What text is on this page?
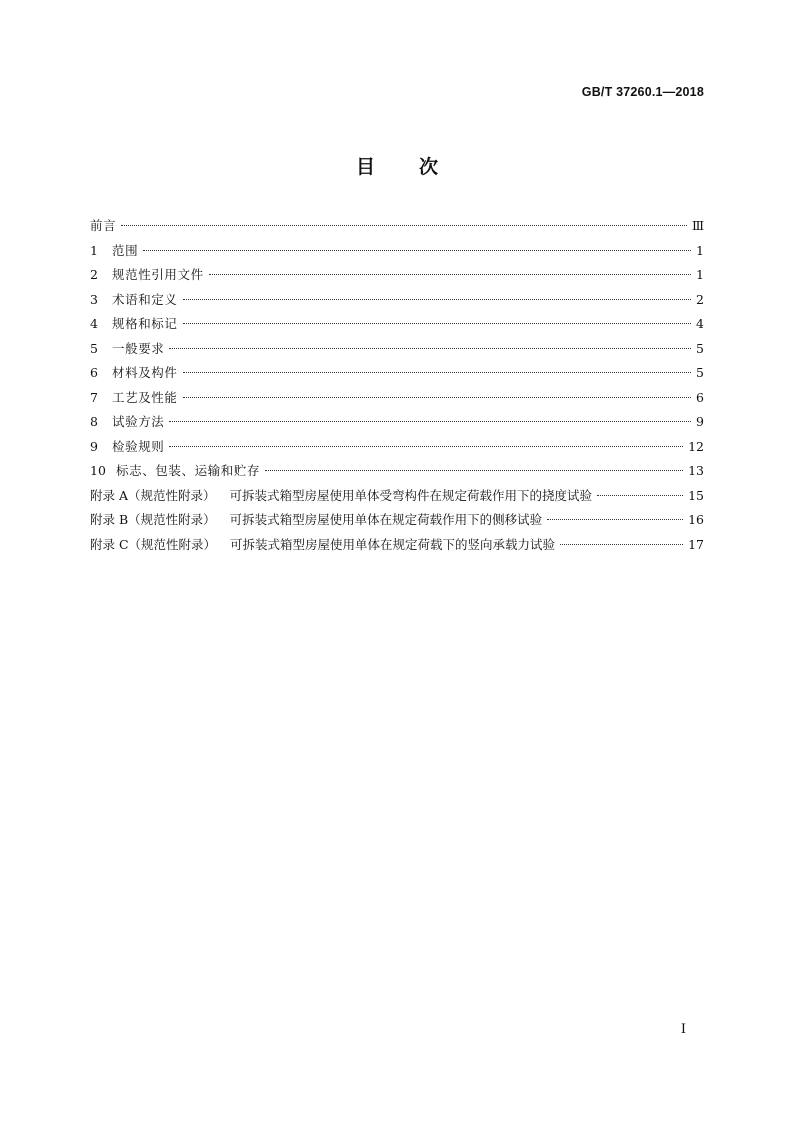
GB/T 37260.1—2018
目 次
前言	Ⅲ
1	范围	1
2	规范性引用文件	1
3	术语和定义	2
4	规格和标记	4
5	一般要求	5
6	材料及构件	5
7	工艺及性能	6
8	试验方法	9
9	检验规则	12
10 标志、包装、运输和贮存	13
附录 A（规范性附录） 可拆装式箱型房屋使用单体受弯构件在规定荷载作用下的挠度试验	15
附录 B（规范性附录） 可拆装式箱型房屋使用单体在规定荷载作用下的侧移试验	16
附录 C（规范性附录） 可拆装式箱型房屋使用单体在规定荷载下的竖向承载力试验	17
I
